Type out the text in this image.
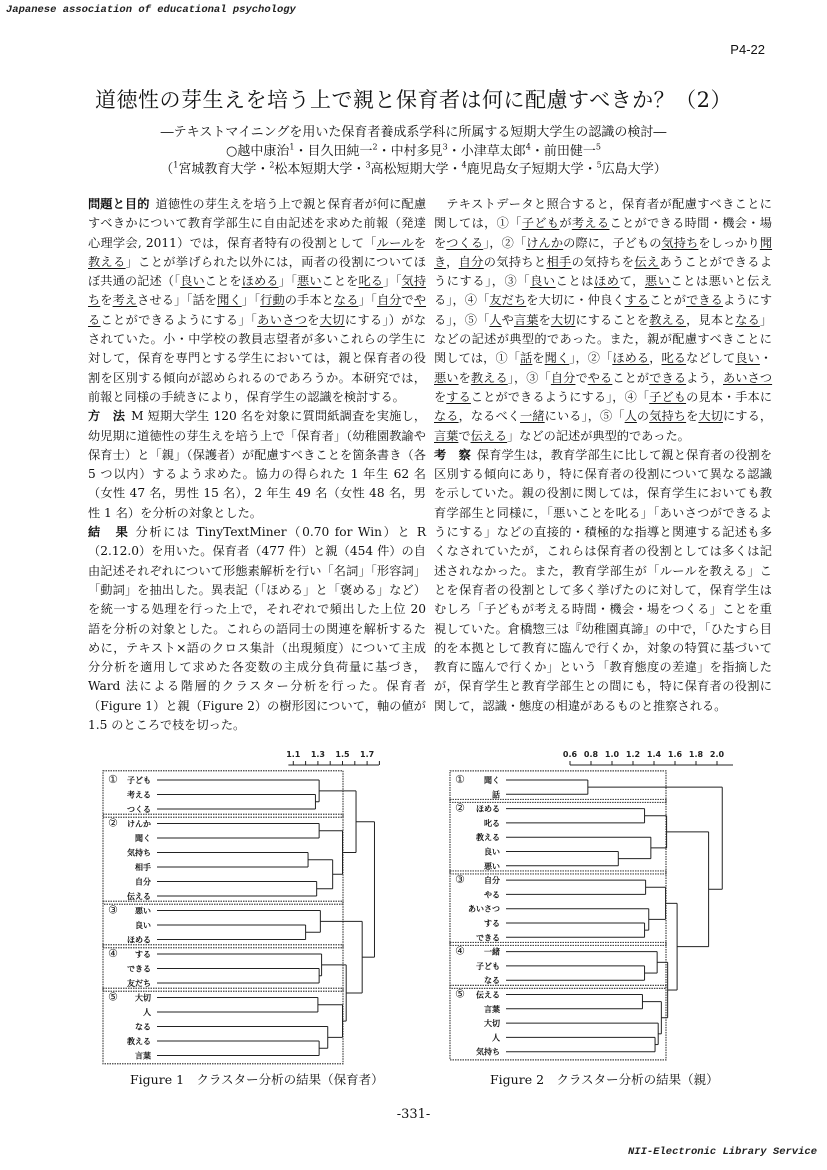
Japanese association of educational psychology
P4-22
道徳性の芽生えを培う上で親と保育者は何に配慮すべきか？（2）
―テキストマイニングを用いた保育者養成系学科に所属する短期大学生の認識の検討―
○越中康治$^1$・目久田純一$^2$・中村多見$^3$・小津草太郎$^4$・前田健一$^5$
（$^1$宮城教育大学・$^2$松本短期大学・$^3$高松短期大学・$^4$鹿児島女子短期大学・$^5$広島大学）

問題と目的 道徳性の芽生えを培う上で親と保育者が何に配慮すべきかについて教育学部生に自由記述を求めた前報（発達心理学会, 2011）では，保育者特有の役割として「ルールを教える」ことが挙げられた以外には，両者の役割についてほぼ共通の記述（「良いことをほめる」「悪いことを叱る」「気持ちを考えさせる」「話を聞く」「行動の手本となる」「自分でやることができるようにする」「あいさつを大切にする」）がなされていた。小・中学校の教員志望者が多いこれらの学生に対して，保育を専門とする学生においては，親と保育者の役割を区別する傾向が認められるのであろうか。本研究では，前報と同様の手続きにより，保育学生の認識を検討する。

方　法 M 短期大学生 120 名を対象に質問紙調査を実施し，幼児期に道徳性の芽生えを培う上で「保育者」（幼稚園教諭や保育士）と「親」（保護者）が配慮すべきことを箇条書き（各 5 つ以内）するよう求めた。協力の得られた 1 年生 62 名（女性 47 名，男性 15 名），2 年生 49 名（女性 48 名，男性 1 名）を分析の対象とした。

結　果 分析には TinyTextMiner（0.70 for Win）と R（2.12.0）を用いた。保育者（477 件）と親（454 件）の自由記述それぞれについて形態素解析を行い「名詞」「形容詞」「動詞」を抽出した。異表記（「ほめる」と「褒める」など）を統一する処理を行った上で，それぞれで頻出した上位 20 語を分析の対象とした。これらの語同士の関連を解析するために，テキスト×語のクロス集計（出現頻度）について主成分分析を適用して求めた各変数の主成分負荷量に基づき，Ward 法による階層的クラスター分析を行った。保育者（Figure 1）と親（Figure 2）の樹形図について，軸の値が 1.5 のところで枝を切った。

テキストデータと照合すると，保育者が配慮すべきことに関しては，①「子どもが考えることができる時間・機会・場をつくる」，②「けんかの際に，子どもの気持ちをしっかり聞き，自分の気持ちと相手の気持ちを伝えあうことができるようにする」，③「良いことはほめて，悪いことは悪いと伝える」，④「友だちを大切に・仲良くすることができるようにする」，⑤「人や言葉を大切にすることを教える，見本となる」などの記述が典型的であった。また，親が配慮すべきことに関しては，①「話を聞く」，②「ほめる，叱るなどして良い・悪いを教える」，③「自分でやることができるよう，あいさつをすることができるようにする」，④「子どもの見本・手本になる，なるべく一緒にいる」，⑤「人の気持ちを大切にする，言葉で伝える」などの記述が典型的であった。

考　察 保育学生は，教育学部生に比して親と保育者の役割を区別する傾向にあり，特に保育者の役割について異なる認識を示していた。親の役割に関しては，保育学生においても教育学部生と同様に，「悪いことを叱る」「あいさつができるようにする」などの直接的・積極的な指導と関連する記述も多くなされていたが，これらは保育者の役割としては多くは記述されなかった。また，教育学部生が「ルールを教える」ことを保育者の役割として多く挙げたのに対して，保育学生はむしろ「子どもが考える時間・機会・場をつくる」ことを重視していた。倉橋惣三は『幼稚園真諦』の中で，「ひたすら目的を本拠として教育に臨んで行くか，対象の特質に基づいて教育に臨んで行くか」という「教育態度の差違」を指摘したが，保育学生と教育学部生との間にも，特に保育者の役割に関して，認識・態度の相違があるものと推察される。

1.1 1.3 1.5 1.7
子ども
考える
つくる
けんか
聞く
気持ち
相手
自分
伝える
悪い
良い
ほめる
する
できる
友だち
大切
人
なる
教える
言葉
①
②
③
④
⑤
0.6 0.8 1.0 1.2 1.4 1.6 1.8 2.0
聞く
話
ほめる
叱る
教える
良い
悪い
自分
やる
あいさつ
する
できる
一緒
子ども
なる
伝える
言葉
大切
人
気持ち
①
②
③
④
⑤
Figure 1　クラスター分析の結果（保育者）	Figure 2　クラスター分析の結果（親）
-331-
NII-Electronic Library Service
